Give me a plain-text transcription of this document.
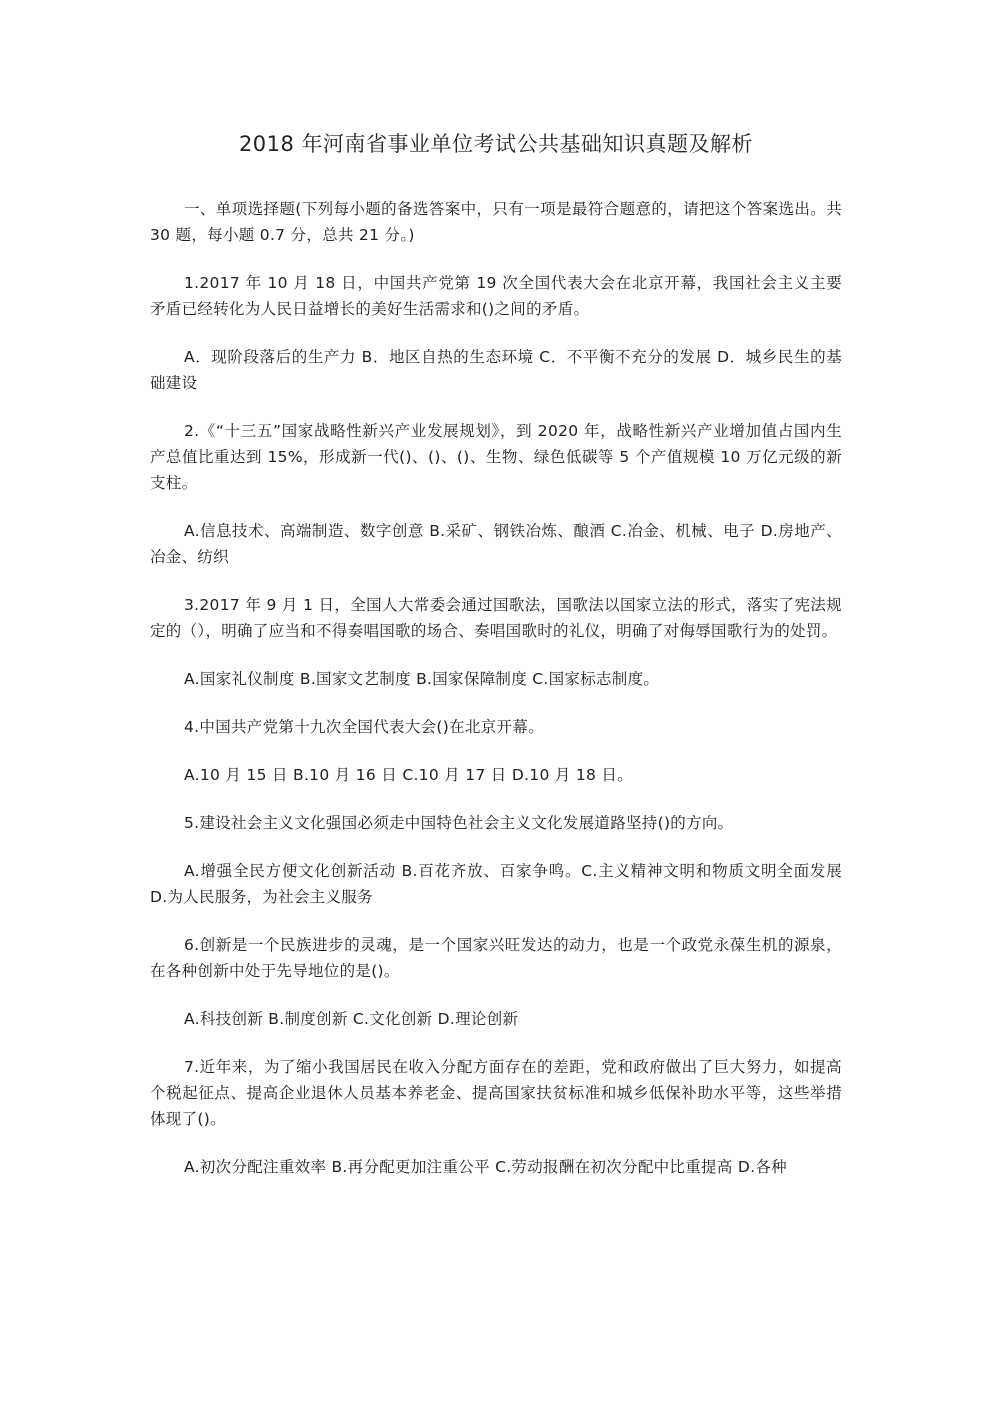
2018 年河南省事业单位考试公共基础知识真题及解析

一、单项选择题(下列每小题的备选答案中，只有一项是最符合题意的，请把这个答案选出。共 30 题，每小题 0.7 分，总共 21 分。)

1.2017 年 10 月 18 日，中国共产党第 19 次全国代表大会在北京开幕，我国社会主义主要矛盾已经转化为人民日益增长的美好生活需求和()之间的矛盾。

A．现阶段落后的生产力 B．地区自热的生态环境 C．不平衡不充分的发展 D．城乡民生的基础建设

2.《“十三五”国家战略性新兴产业发展规划》，到 2020 年，战略性新兴产业增加值占国内生产总值比重达到 15%，形成新一代()、()、()、生物、绿色低碳等 5 个产值规模 10 万亿元级的新支柱。

A.信息技术、高端制造、数字创意 B.采矿、钢铁冶炼、酿酒 C.冶金、机械、电子 D.房地产、冶金、纺织

3.2017 年 9 月 1 日，全国人大常委会通过国歌法，国歌法以国家立法的形式，落实了宪法规定的（），明确了应当和不得奏唱国歌的场合、奏唱国歌时的礼仪，明确了对侮辱国歌行为的处罚。

A.国家礼仪制度 B.国家文艺制度 B.国家保障制度 C.国家标志制度。

4.中国共产党第十九次全国代表大会()在北京开幕。

A.10 月 15 日 B.10 月 16 日 C.10 月 17 日 D.10 月 18 日。

5.建设社会主义文化强国必须走中国特色社会主义文化发展道路坚持()的方向。

A.增强全民方便文化创新活动 B.百花齐放、百家争鸣。C.主义精神文明和物质文明全面发展 D.为人民服务，为社会主义服务

6.创新是一个民族进步的灵魂，是一个国家兴旺发达的动力，也是一个政党永葆生机的源泉，在各种创新中处于先导地位的是()。

A.科技创新 B.制度创新 C.文化创新 D.理论创新

7.近年来，为了缩小我国居民在收入分配方面存在的差距，党和政府做出了巨大努力，如提高个税起征点、提高企业退休人员基本养老金、提高国家扶贫标准和城乡低保补助水平等，这些举措体现了()。

A.初次分配注重效率 B.再分配更加注重公平 C.劳动报酬在初次分配中比重提高 D.各种
